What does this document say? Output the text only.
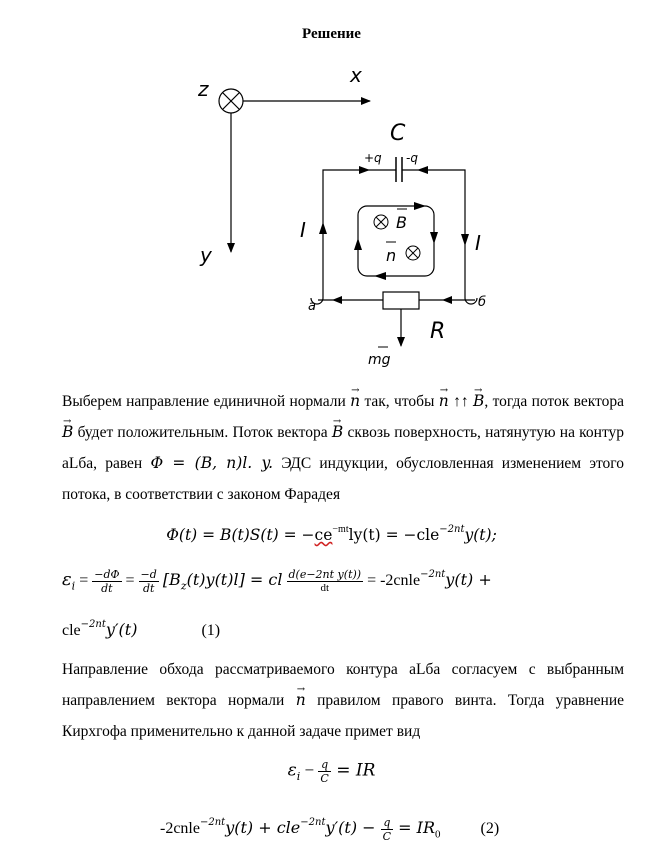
Решение
z
x
y
C
+q -q
I
I
B
n
а	б
R
mg
Выберем направление единичной нормали → n так, чтобы → n ↑↑ → B, тогда поток вектора → B будет положительным. Поток вектора → B сквозь поверхность, натянутую на контур aLба, равен Φ = (B, n)l. y. ЭДС индукции, обусловленная изменением этого потока, в соответствии с законом Фарадея
$\Phi(t) = B(t)S(t) = -ce^{-mt}ly(t) = -cle^{-2nt}y(t)$;
$\varepsilon_i = \frac{-d\Phi}{dt} = \frac{-d}{dt} [B_z(t)y(t)l]$ = cl $\frac{\text{d(e−2nt y(t))}}{dt}$ = -2cnle$^{-2nt}$y(t) +
cle$^{-2nt}$y′(t)	(1)
Направление обхода рассматриваемого контура aLба согласуем с выбранным направлением вектора нормали → n правилом правого винта. Тогда уравнение Кирхгофа применительно к данной задаче примет вид
$\varepsilon_i - \frac{q}{C}$ = IR
-2cnle$^{-2nt}$y(t) + $cle^{-2nt}y'(t) - \frac{q}{C} = IR_0$	(2)
